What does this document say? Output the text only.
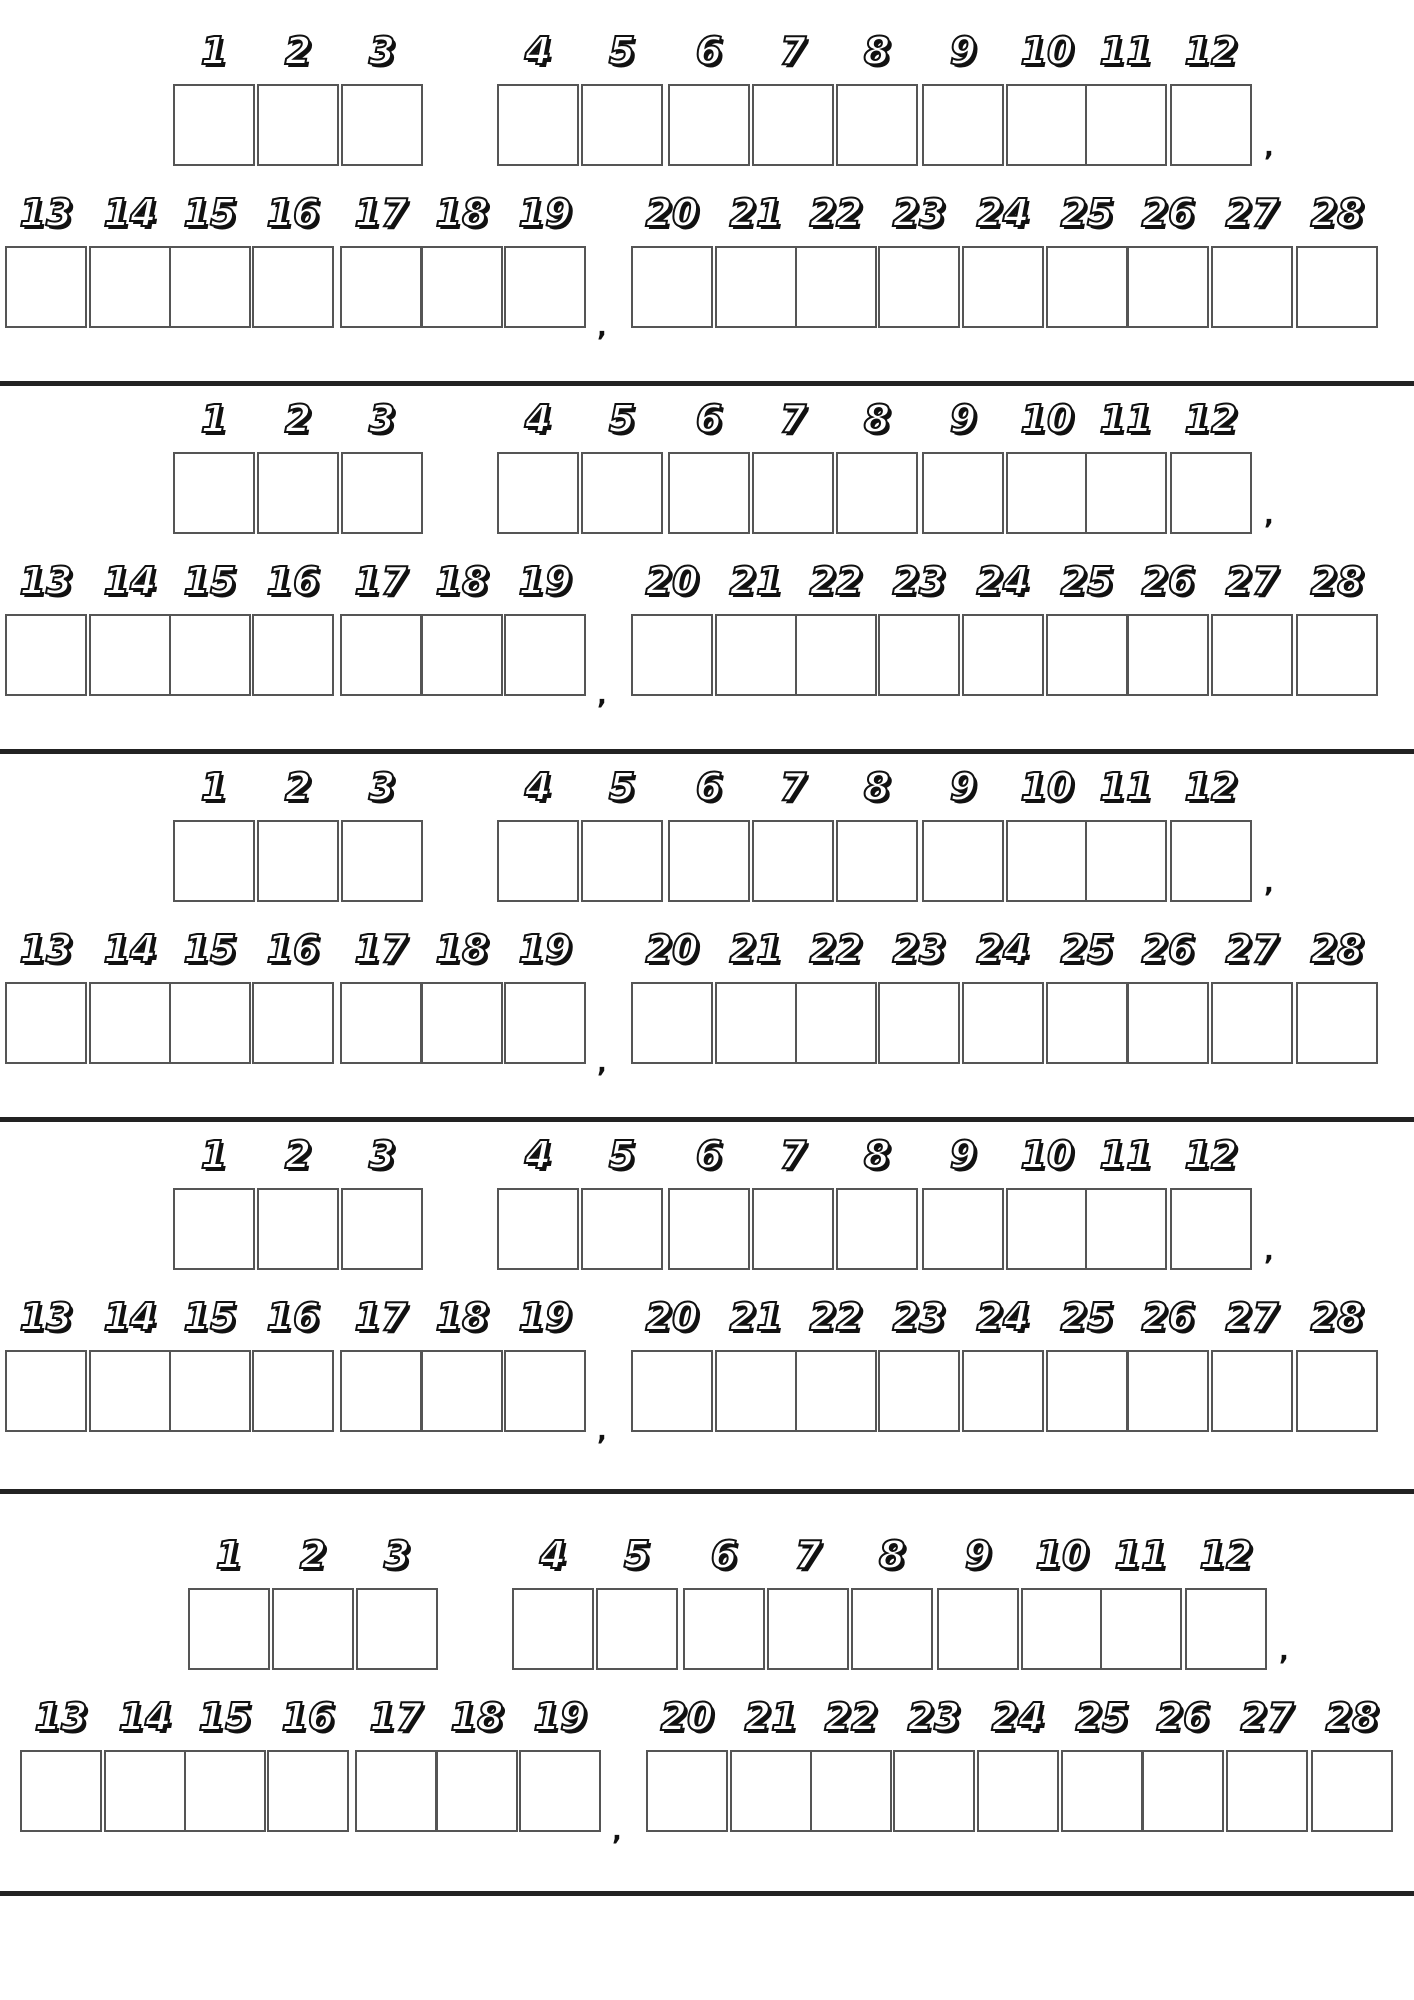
1	2	3	4	5	6	7	8	9	10 11 12
13 14 15 16 17 18 19	20 21 22 23 24 25 26 27 28
,
,
1	2	3	4	5	6	7	8	9	10 11 12
13 14 15 16 17 18 19	20 21 22 23 24 25 26 27 28
,
,
1	2	3	4	5	6	7	8	9	10 11 12
13 14 15 16 17 18 19	20 21 22 23 24 25 26 27 28
,
,
1	2	3	4	5	6	7	8	9	10 11 12
13 14 15 16 17 18 19	20 21 22 23 24 25 26 27 28
,
,
1	2	3	4	5	6	7	8	9	10 11 12
13 14 15 16 17 18 19	20 21 22 23 24 25 26 27 28
,
,
